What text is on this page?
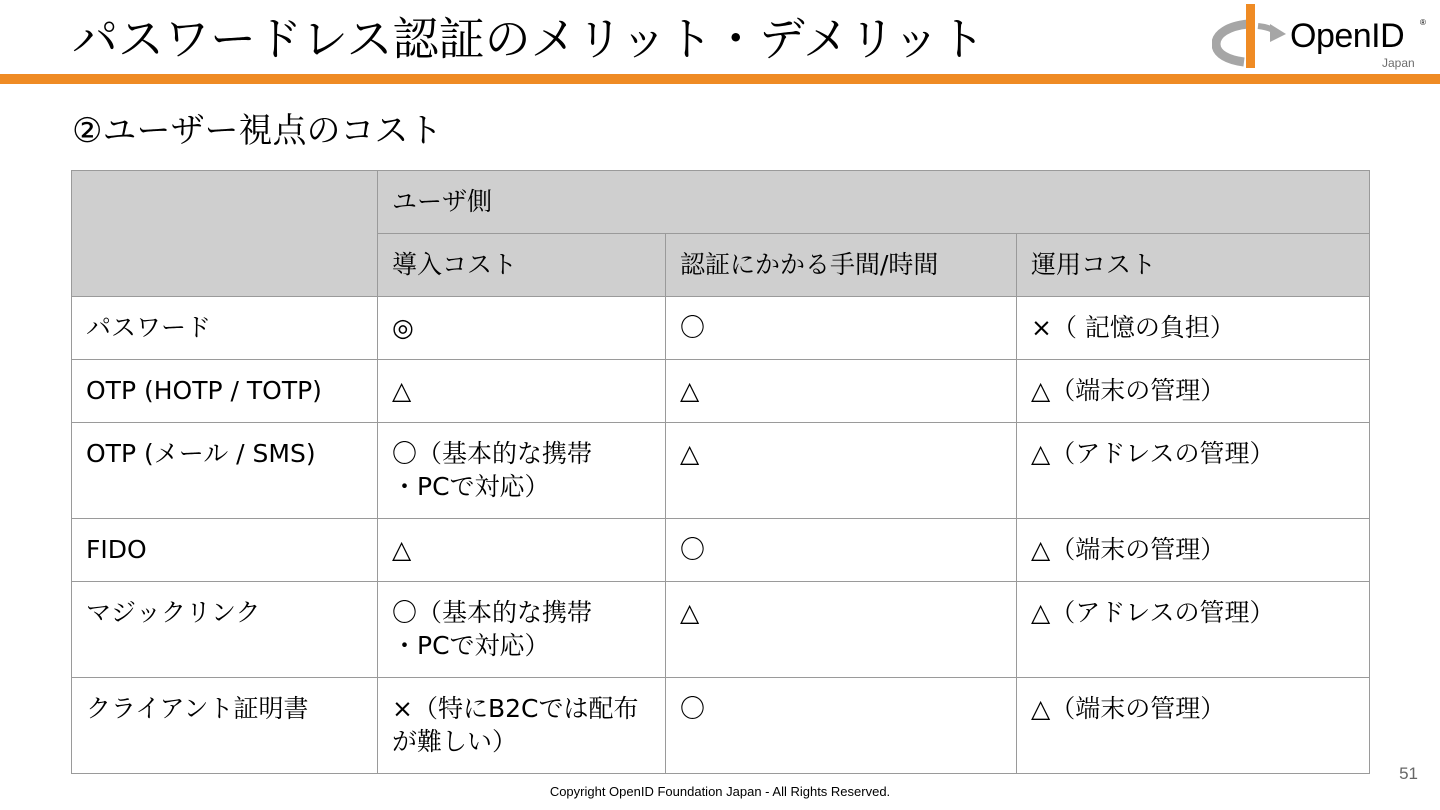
パスワードレス認証のメリット・デメリット	OpenID ®
Japan
②ユーザー視点のコスト
	ユーザ側		
	導入コスト	認証にかかる手間/時間	運用コスト
パスワード	◎	〇	×（ 記憶の負担）
OTP (HOTP / TOTP)	△	△	△（端末の管理）
OTP (メール / SMS)	〇（基本的な携帯
・PCで対応）	△	△（アドレスの管理）
FIDO	△	〇	△（端末の管理）
マジックリンク	〇（基本的な携帯
・PCで対応）	△	△（アドレスの管理）
クライアント証明書	×（特にB2Cでは配布
が難しい）	〇	△（端末の管理）
51
Copyright OpenID Foundation Japan - All Rights Reserved.
